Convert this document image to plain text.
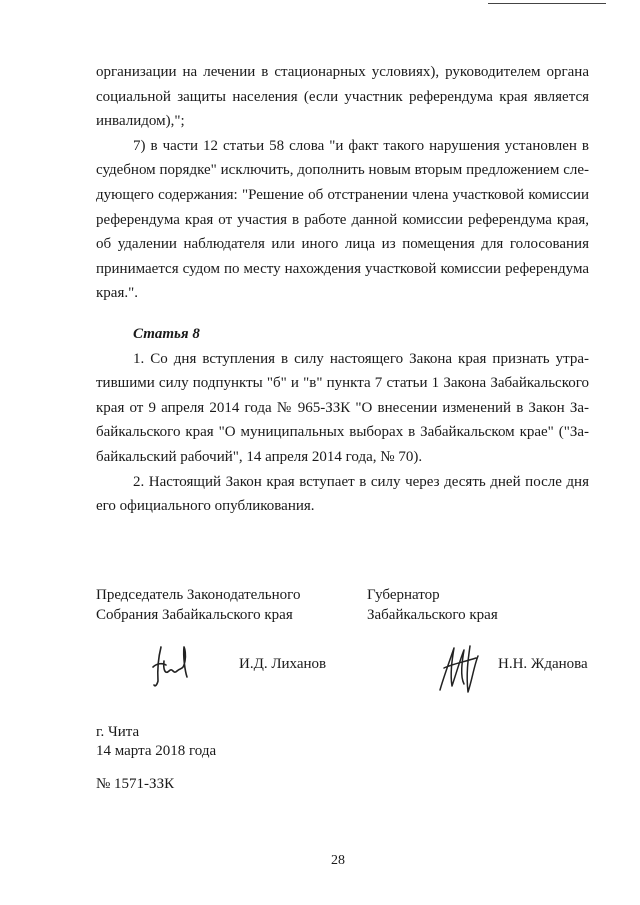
организации на лечении в стационарных условиях), руководителем органа социальной защиты населения (если участник референдума края является инвалидом),";

7) в части 12 статьи 58 слова "и факт такого нарушения установлен в судебном порядке" исключить, дополнить новым вторым предложением сле-дующего содержания: "Решение об отстранении члена участковой комиссии референдума края от участия в работе данной комиссии референдума края, об удалении наблюдателя или иного лица из помещения для голосования принимается судом по месту нахождения участковой комиссии референдума края.".

Статья 8

1. Со дня вступления в силу настоящего Закона края признать утра-тившими силу подпункты "б" и "в" пункта 7 статьи 1 Закона Забайкальского края от 9 апреля 2014 года № 965-ЗЗК "О внесении изменений в Закон За-байкальского края "О муниципальных выборах в Забайкальском крае" ("За-байкальский рабочий", 14 апреля 2014 года, № 70).

2. Настоящий Закон края вступает в силу через десять дней после дня его официального опубликования.

Председатель Законодательного
Собрания Забайкальского края
Губернатор
Забайкальского края
И.Д. Лиханов	Н.Н. Жданова
г. Чита
14 марта 2018 года
№ 1571-ЗЗК
28
